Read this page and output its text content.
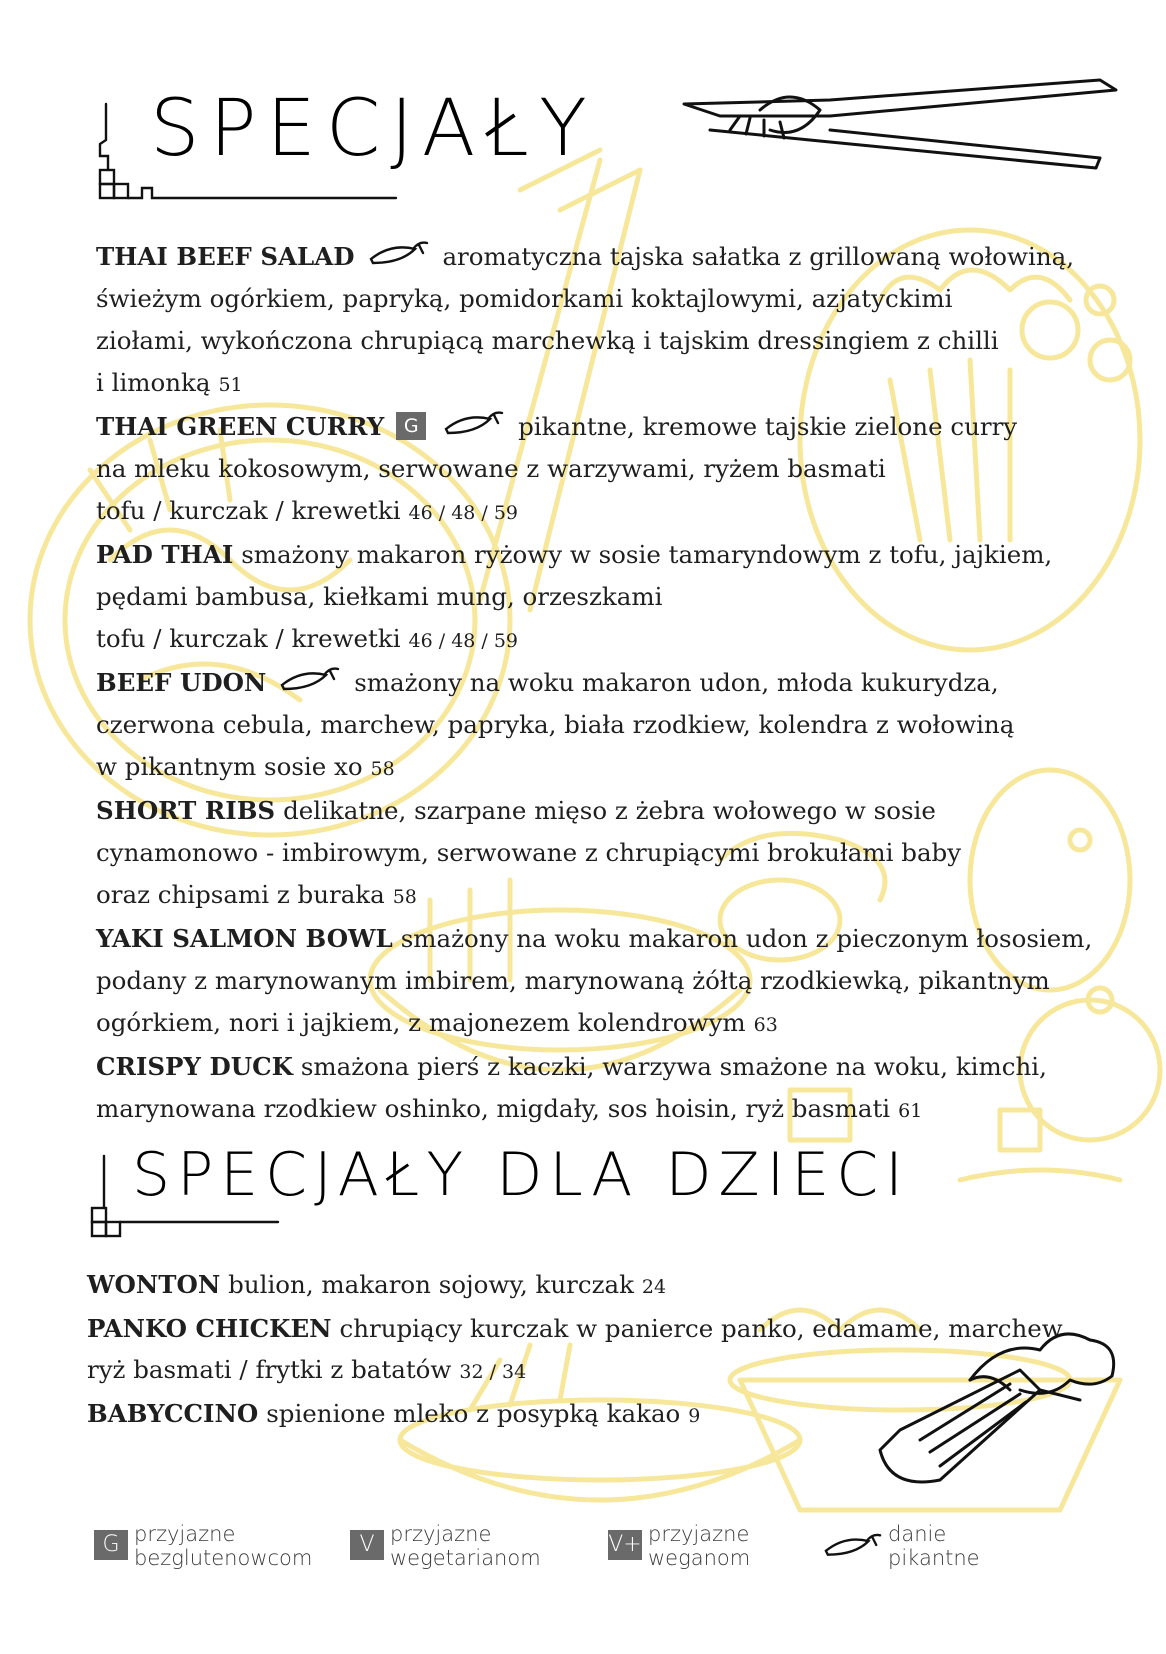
SPECJAŁY

THAI BEEF SALAD	aromatyczna tajska sałatka z grillowaną wołowiną,
świeżym ogórkiem, papryką, pomidorkami koktajlowymi, azjatyckimi
ziołami, wykończona chrupiącą marchewką i tajskim dressingiem z chilli
i limonką 51

THAI GREEN CURRY G	pikantne, kremowe tajskie zielone curry
na mleku kokosowym, serwowane z warzywami, ryżem basmati
tofu / kurczak / krewetki 46 / 48 / 59

PAD THAI smażony makaron ryżowy w sosie tamaryndowym z tofu, jajkiem,
pędami bambusa, kiełkami mung, orzeszkami
tofu / kurczak / krewetki 46 / 48 / 59

BEEF UDON	smażony na woku makaron udon, młoda kukurydza,
czerwona cebula, marchew, papryka, biała rzodkiew, kolendra z wołowiną
w pikantnym sosie xo 58

SHORT RIBS delikatne, szarpane mięso z żebra wołowego w sosie
cynamonowo - imbirowym, serwowane z chrupiącymi brokułami baby
oraz chipsami z buraka 58

YAKI SALMON BOWL smażony na woku makaron udon z pieczonym łososiem,
podany z marynowanym imbirem, marynowaną żółtą rzodkiewką, pikantnym
ogórkiem, nori i jajkiem, z majonezem kolendrowym 63

CRISPY DUCK smażona pierś z kaczki, warzywa smażone na woku, kimchi,
marynowana rzodkiew oshinko, migdały, sos hoisin, ryż basmati 61

SPECJAŁY DLA DZIECI

WONTON bulion, makaron sojowy, kurczak 24

PANKO CHICKEN chrupiący kurczak w panierce panko, edamame, marchew
ryż basmati / frytki z batatów 32 / 34

BABYCCINO spienione mleko z posypką kakao 9

G przyjazne
bezglutenowcom
V przyjazne
wegetarianom
V+ przyjazne
weganom
danie
pikantne
